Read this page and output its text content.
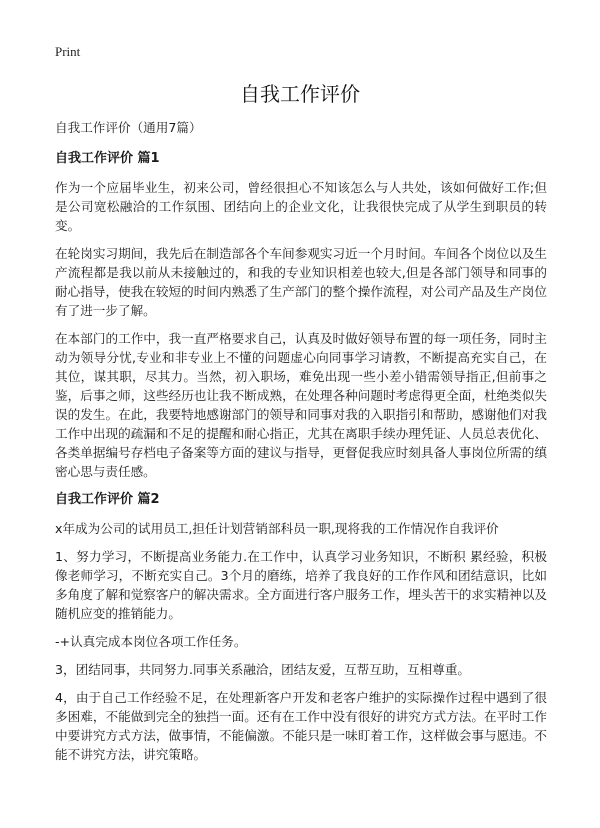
Print
自我工作评价

自我工作评价（通用7篇）

自我工作评价 篇1

作为一个应届毕业生，初来公司，曾经很担心不知该怎么与人共处，该如何做好工作;但是公司宽松融洽的工作氛围、团结向上的企业文化，让我很快完成了从学生到职员的转变。

在轮岗实习期间，我先后在制造部各个车间参观实习近一个月时间。车间各个岗位以及生产流程都是我以前从未接触过的，和我的专业知识相差也较大,但是各部门领导和同事的耐心指导，使我在较短的时间内熟悉了生产部门的整个操作流程，对公司产品及生产岗位有了进一步了解。

在本部门的工作中，我一直严格要求自己，认真及时做好领导布置的每一项任务，同时主动为领导分忧,专业和非专业上不懂的问题虚心向同事学习请教，不断提高充实自己，在其位，谋其职，尽其力。当然，初入职场，难免出现一些小差小错需领导指正,但前事之鉴，后事之师，这些经历也让我不断成熟，在处理各种问题时考虑得更全面，杜绝类似失误的发生。在此，我要特地感谢部门的领导和同事对我的入职指引和帮助，感谢他们对我工作中出现的疏漏和不足的提醒和耐心指正，尤其在离职手续办理凭证、人员总表优化、各类单据编号存档电子备案等方面的建议与指导，更督促我应时刻具备人事岗位所需的缜密心思与责任感。

自我工作评价 篇2

x年成为公司的试用员工,担任计划营销部科员一职,现将我的工作情况作自我评价

1、努力学习，不断提高业务能力.在工作中，认真学习业务知识，不断积 累经验，积极像老师学习，不断充实自己。3个月的磨练，培养了我良好的工作作风和团结意识，比如多角度了解和觉察客户的解决需求。全方面进行客户服务工作，埋头苦干的求实精神以及随机应变的推销能力。

-+认真完成本岗位各项工作任务。

3，团结同事，共同努力.同事关系融洽，团结友爱，互帮互助，互相尊重。

4，由于自己工作经验不足，在处理新客户开发和老客户维护的实际操作过程中遇到了很多困难，不能做到完全的独挡一面。还有在工作中没有很好的讲究方式方法。在平时工作中要讲究方式方法，做事情，不能偏激。不能只是一味盯着工作，这样做会事与愿违。不能不讲究方法，讲究策略。
